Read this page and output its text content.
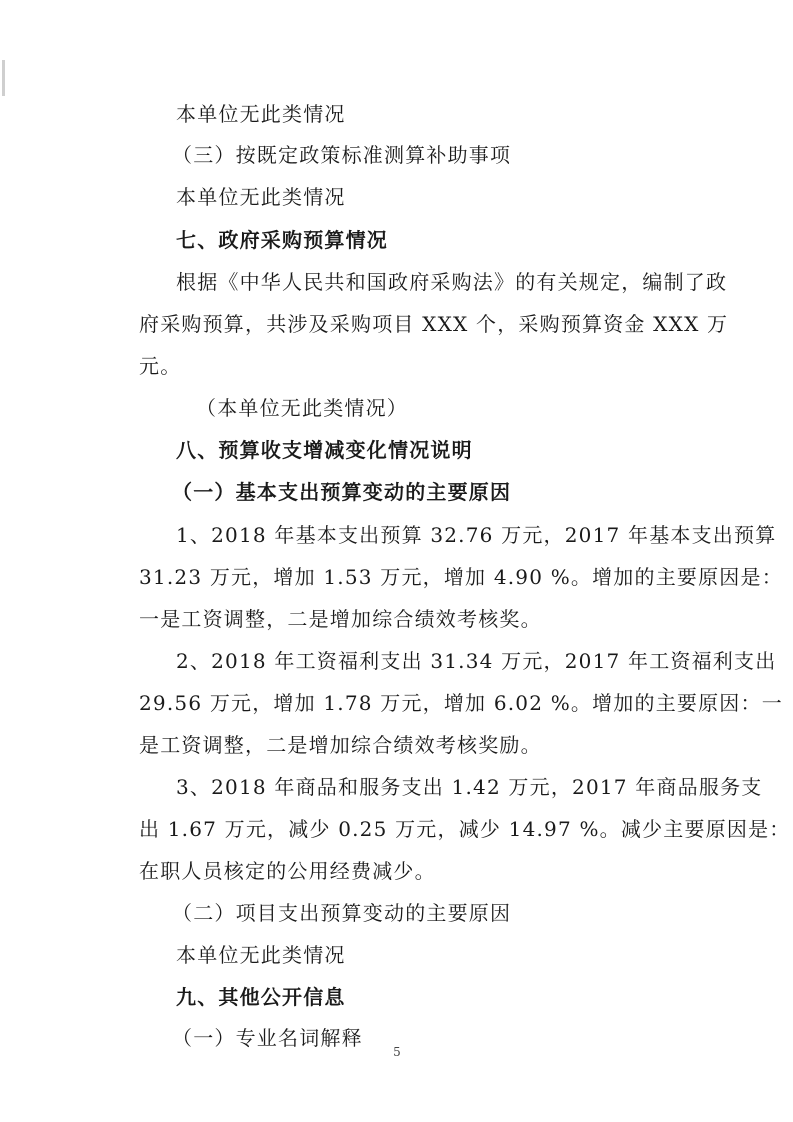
本单位无此类情况
（三）按既定政策标准测算补助事项
本单位无此类情况
七、政府采购预算情况
根据《中华人民共和国政府采购法》的有关规定，编制了政
府采购预算，共涉及采购项目 XXX 个，采购预算资金 XXX 万
元。
（本单位无此类情况）
八、预算收支增减变化情况说明
（一）基本支出预算变动的主要原因
1、2018 年基本支出预算 32.76 万元，2017 年基本支出预算
31.23 万元，增加 1.53 万元，增加 4.90 %。增加的主要原因是：
一是工资调整，二是增加综合绩效考核奖。
2、2018 年工资福利支出 31.34 万元，2017 年工资福利支出
29.56 万元，增加 1.78 万元，增加 6.02 %。增加的主要原因：一
是工资调整，二是增加综合绩效考核奖励。
3、2018 年商品和服务支出 1.42 万元，2017 年商品服务支
出 1.67 万元，减少 0.25 万元，减少 14.97 %。减少主要原因是：
在职人员核定的公用经费减少。
（二）项目支出预算变动的主要原因
本单位无此类情况
九、其他公开信息
（一）专业名词解释
5
